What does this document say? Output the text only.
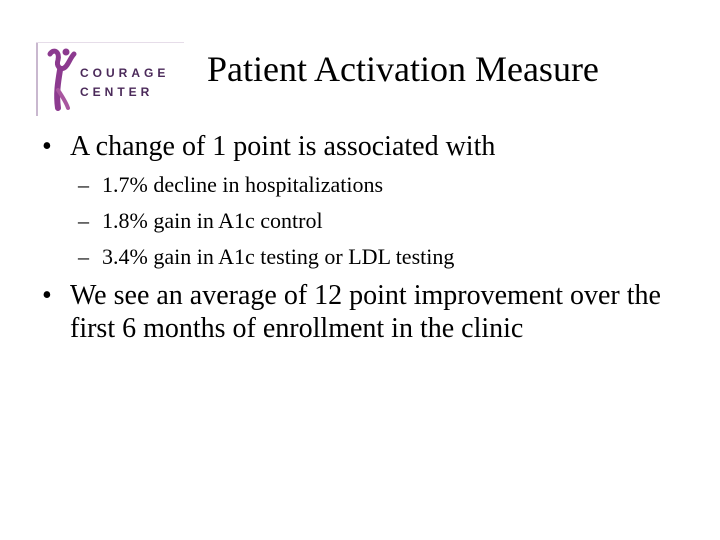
COURAGE
CENTER
Patient Activation Measure
• A change of 1 point is associated with
– 1.7% decline in hospitalizations
– 1.8% gain in A1c control
– 3.4% gain in A1c testing or LDL testing
• We see an average of 12 point improvement over the first 6 months of enrollment in the clinic
